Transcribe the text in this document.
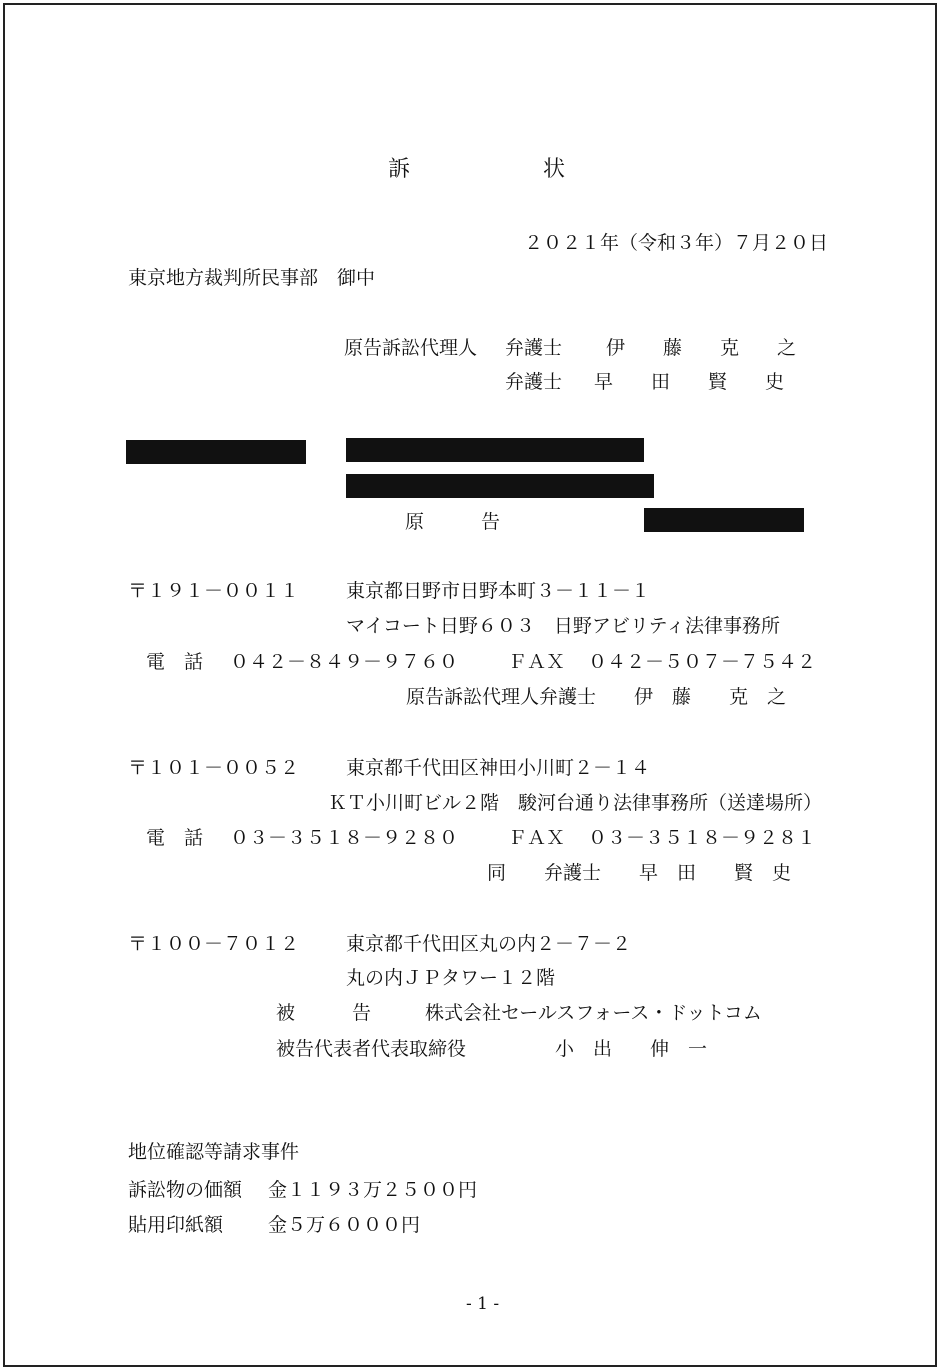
訴	状
２０２１年（令和３年）７月２０日
東京地方裁判所民事部　御中
原告訴訟代理人 弁護士 伊　　藤　　克　　之
弁護士 早　　田　　賢　　史
原　　　告
〒１９１－００１１ 東京都日野市日野本町３－１１－１
マイコート日野６０３　日野アビリティ法律事務所
電　話 ０４２－８４９－９７６０	ＦＡＸ ０４２－５０７－７５４２
原告訴訟代理人弁護士　　伊　藤　　克　之
〒１０１－００５２ 東京都千代田区神田小川町２－１４
ＫＴ小川町ビル２階　駿河台通り法律事務所（送達場所）
電　話 ０３－３５１８－９２８０	ＦＡＸ ０３－３５１８－９２８１
同　　弁護士　　早　田　　賢　史
〒１００－７０１２ 東京都千代田区丸の内２－７－２
丸の内ＪＰタワー１２階
被　　　告	株式会社セールスフォース・ドットコム
被告代表者代表取締役	小　出　　伸　一
地位確認等請求事件
訴訟物の価額 金１１９３万２５００円
貼用印紙額 金５万６０００円
- 1 -
